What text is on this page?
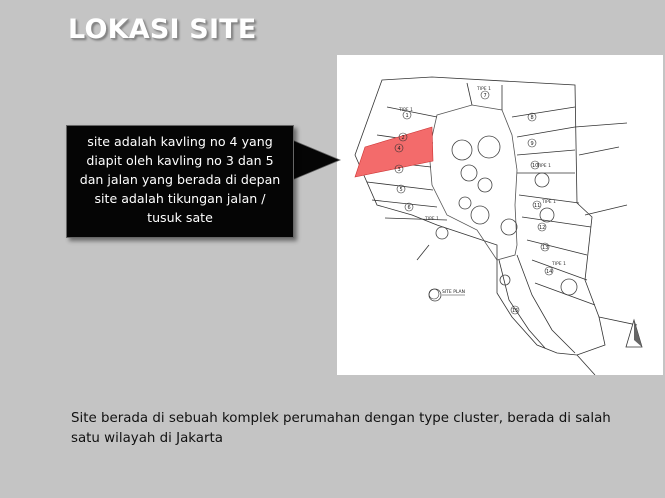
LOKASI SITE
1
2
3
4
5
6
7
8
9
10
11
12
13
14
15
TIPE 1
TIPE 1
TIPE 1
TIPE 1
TIPE 1
TIPE 1
SITE PLAN
site adalah kavling no 4 yang
diapit oleh kavling no 3 dan 5
dan jalan yang berada di depan
site adalah tikungan jalan /
tusuk sate
Site berada di sebuah komplek perumahan dengan type cluster, berada di salah satu wilayah di Jakarta
